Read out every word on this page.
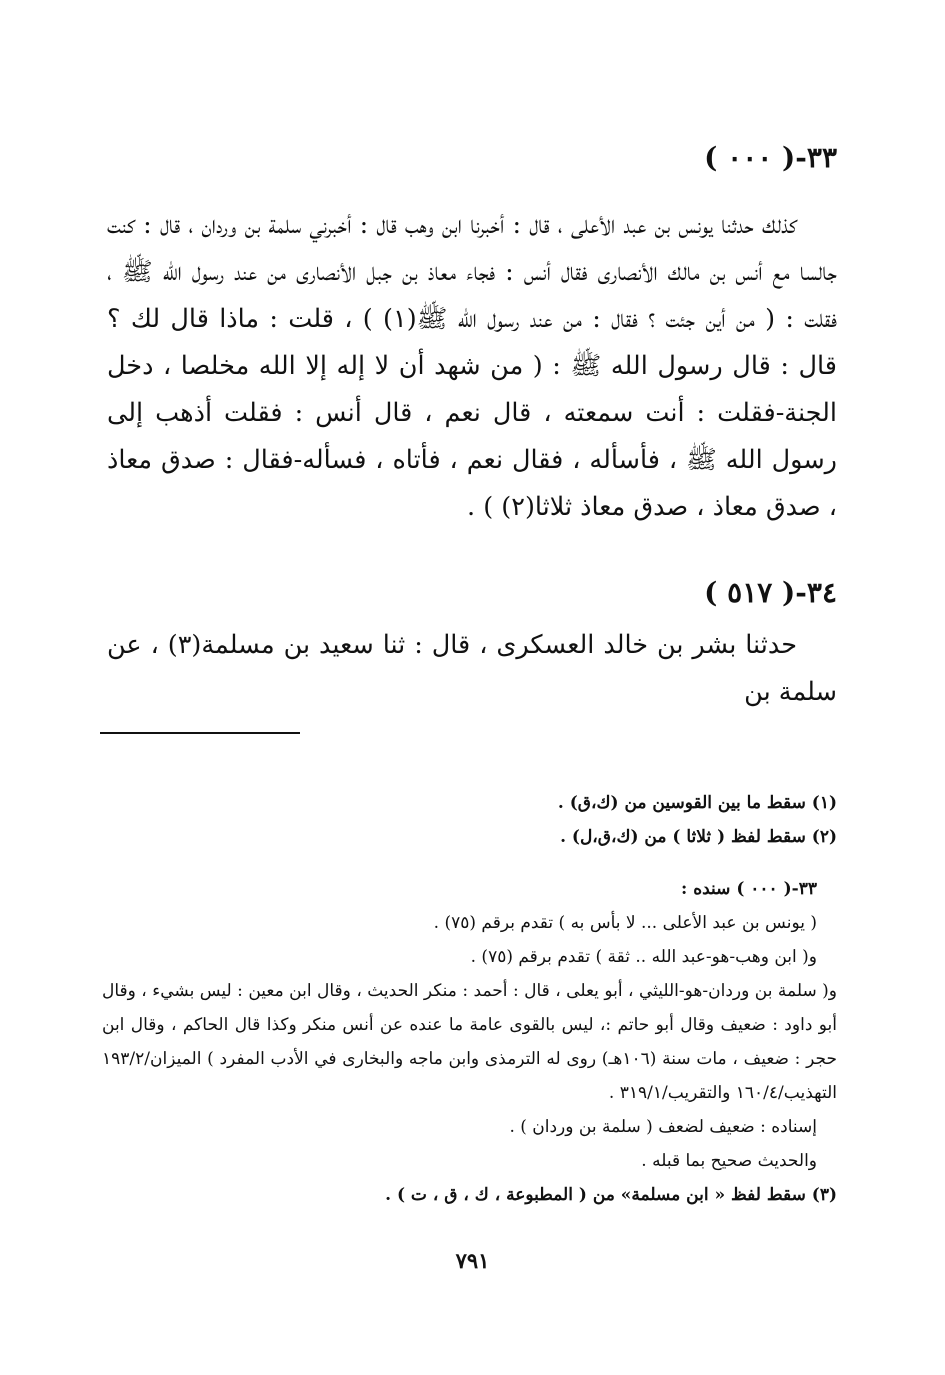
٣٣-( ٠٠٠ )
كذلك حدثنا يونس بن عبد الأعلى ، قال : أخبرنا ابن وهب قال : أخبرني سلمة بن وردان ، قال : كنت جالسا مع أنس بن مالك الأنصارى فقال أنس : فجاء معاذ بن جبل الأنصارى من عند رسول الله ﷺ ، فقلت : ( من أين جئت ؟ فقال : من عند رسول الله ﷺ(١) ) ، قلت : ماذا قال لك ؟ قال : قال رسول الله ﷺ : ( من شهد أن لا إله إلا الله مخلصا ، دخل الجنة-فقلت : أنت سمعته ، قال نعم ، قال أنس : فقلت أذهب إلى رسول الله ﷺ ، فأسأله ، فقال نعم ، فأتاه ، فسأله-فقال : صدق معاذ ، صدق معاذ ، صدق معاذ ثلاثا(٢) ) .
٣٤-( ٥١٧ )
حدثنا بشر بن خالد العسكرى ، قال : ثنا سعيد بن مسلمة(٣) ، عن سلمة بن

(١) سقط ما بين القوسين من (ك،ق) .

(٢) سقط لفظ ( ثلاثا ) من (ك،ق،ل) .

٣٣-( ٠٠٠ ) سنده :

( يونس بن عبد الأعلى ... لا بأس به ) تقدم برقم (٧٥) .

و( ابن وهب-هو-عبد الله .. ثقة ) تقدم برقم (٧٥) .

و( سلمة بن وردان-هو-الليثي ، أبو يعلى ، قال : أحمد : منكر الحديث ، وقال ابن معين : ليس بشيء ، وقال أبو داود : ضعيف وقال أبو حاتم :، ليس بالقوى عامة ما عنده عن أنس منكر وكذا قال الحاكم ، وقال ابن حجر : ضعيف ، مات سنة (١٠٦هـ) روى له الترمذى وابن ماجه والبخارى في الأدب المفرد ) الميزان/١٩٣/٢ التهذيب/١٦٠/٤ والتقريب/٣١٩/١ .

إسناده : ضعيف لضعف ( سلمة بن وردان ) .

والحديث صحيح بما قبله .

(٣) سقط لفظ « ابن مسلمة» من ( المطبوعة ، ك ، ق ، ت ) .

٧٩١
